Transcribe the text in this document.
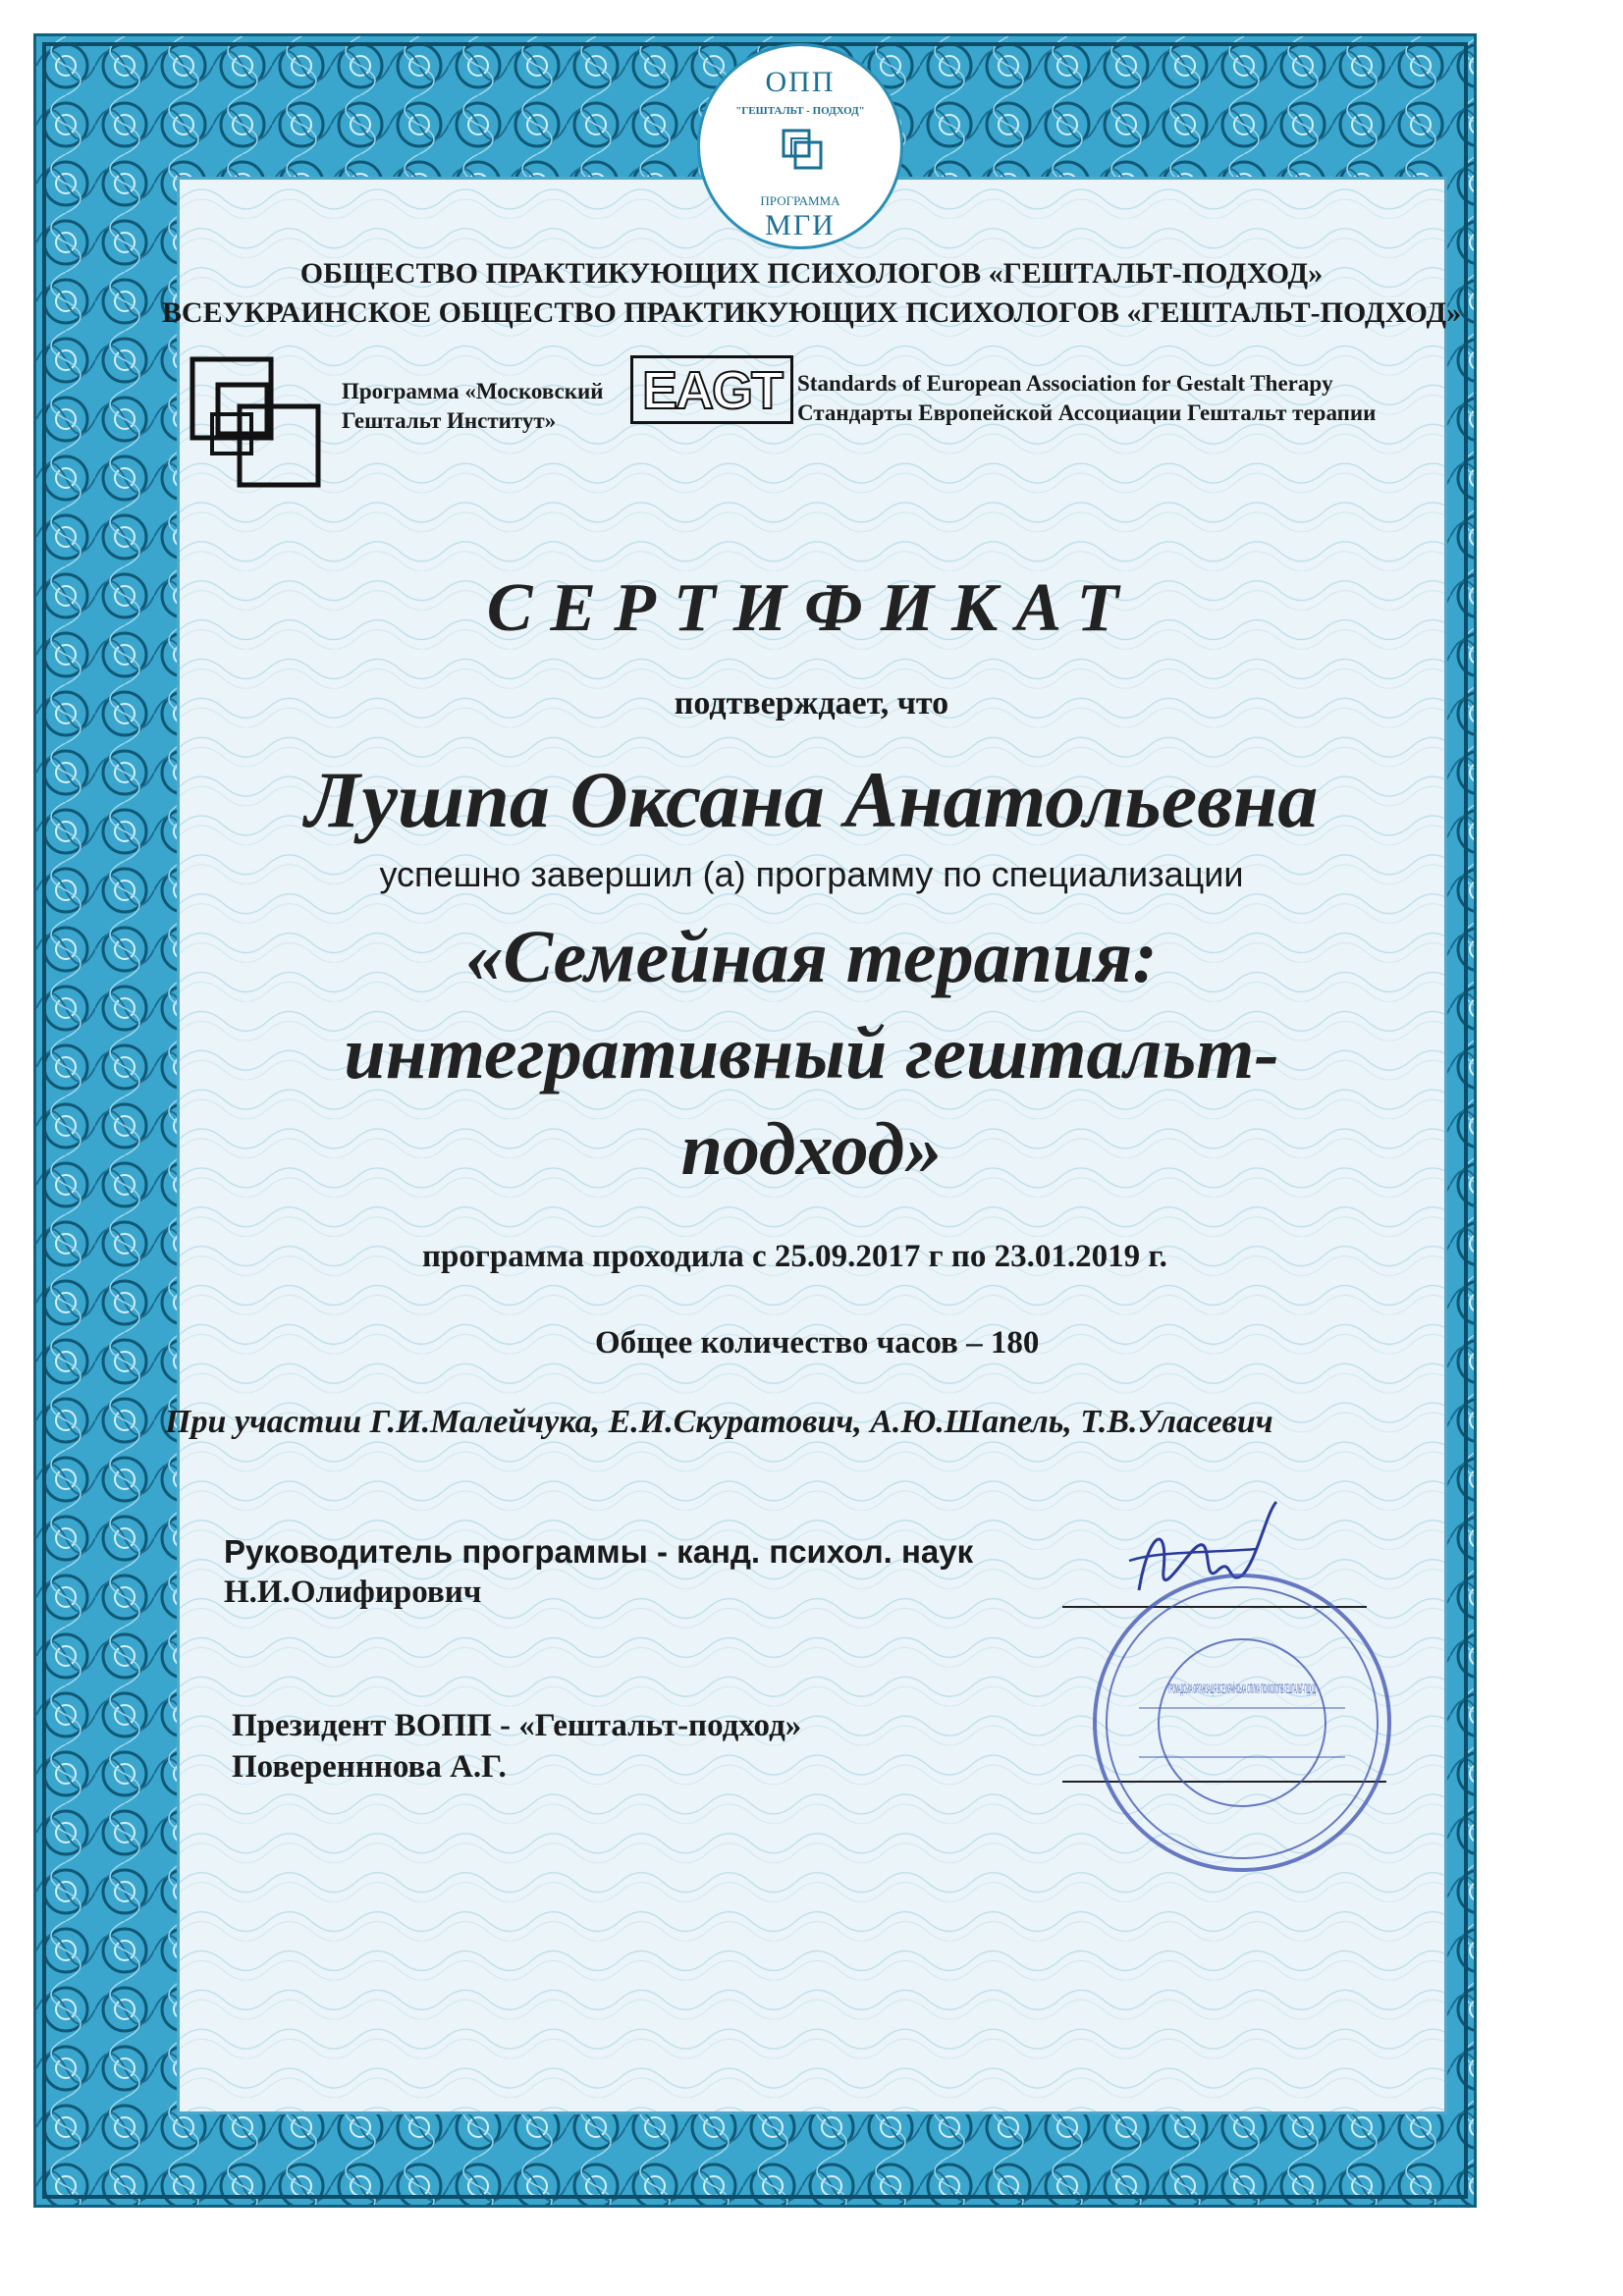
ОПП
"ГЕШТАЛЬТ - ПОДХОД"
ПРОГРАММА
МГИ
ОБЩЕСТВО ПРАКТИКУЮЩИХ ПСИХОЛОГОВ «ГЕШТАЛЬТ-ПОДХОД»
ВСЕУКРАИНСКОЕ ОБЩЕСТВО ПРАКТИКУЮЩИХ ПСИХОЛОГОВ «ГЕШТАЛЬТ-ПОДХОД»
Программа «Московский
Гештальт Институт»
EAGT Standards of European Association for Gestalt Therapy
Стандарты Европейской Ассоциации Гештальт терапии
СЕРТИФИКАТ
подтверждает, что
Лушпа Оксана Анатольевна
успешно завершил (а) программу по специализации
«Семейная терапия:
интегративный гештальт-
подход»
программа проходила с 25.09.2017 г по 23.01.2019 г.
Общее количество часов – 180
При участии Г.И.Малейчука, Е.И.Скуратович, А.Ю.Шапель, Т.В.Уласевич
Руководитель программы - канд. психол. наук
Н.И.Олифирович
Президент ВОПП - «Гештальт-подход»
Поверенннова А.Г.
ГРОМАДСЬКА ОРГАНІЗАЦІЯ ВСЕУКРАЇНСЬКА СПІЛКА ПСИХОЛОГІВ ГЕШТАЛЬТ-ПІДХІД
